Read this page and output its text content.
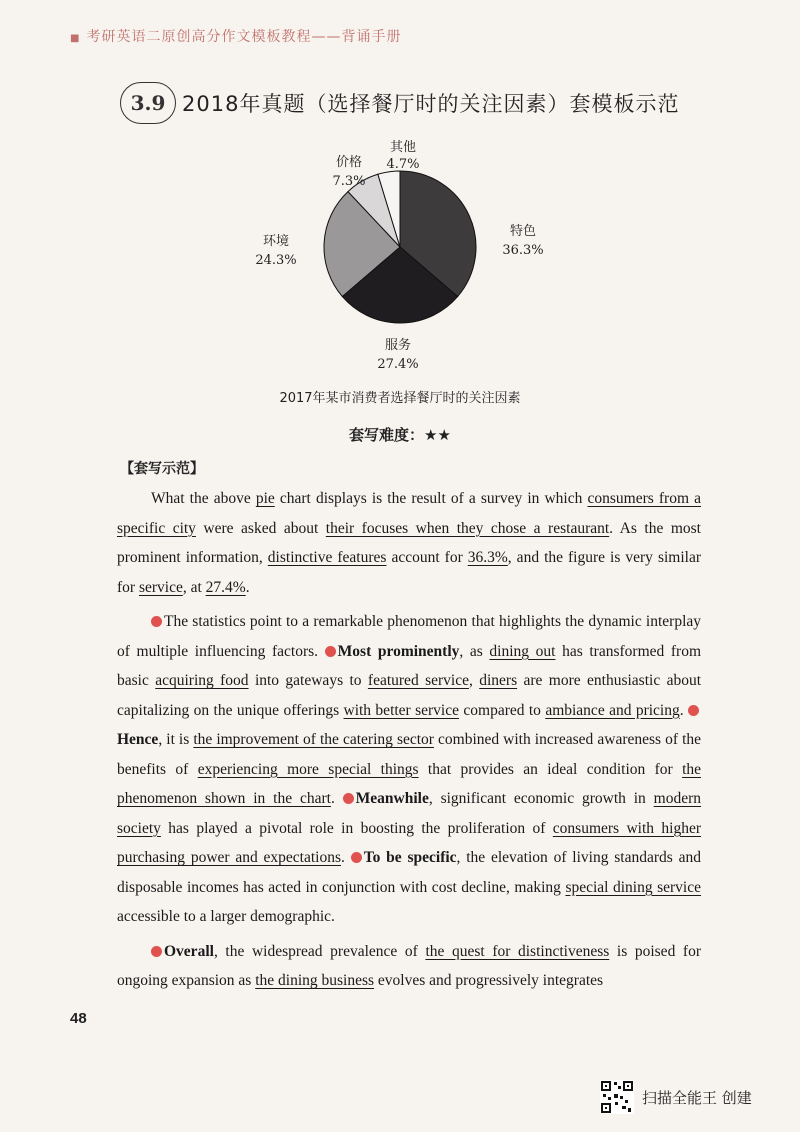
■ 考研英语二原创高分作文模板教程——背诵手册
3.9 2018年真题（选择餐厅时的关注因素）套模板示范
特色
36.3%
服务
27.4%
环境
24.3%
价格
7.3%
其他
4.7%
2017年某市消费者选择餐厅时的关注因素
套写难度：★★
【套写示范】

What the above pie chart displays is the result of a survey in which consumers from a specific city were asked about their focuses when they chose a restaurant. As the most prominent information, distinctive features account for 36.3%, and the figure is very similar for service, at 27.4%.

The statistics point to a remarkable phenomenon that highlights the dynamic interplay of multiple influencing factors. Most prominently, as dining out has transformed from basic acquiring food into gateways to featured service, diners are more enthusiastic about capitalizing on the unique offerings with better service compared to ambiance and pricing. Hence, it is the improvement of the catering sector combined with increased awareness of the benefits of experiencing more special things that provides an ideal condition for the phenomenon shown in the chart. Meanwhile, significant economic growth in modern society has played a pivotal role in boosting the proliferation of consumers with higher purchasing power and expectations. To be specific, the elevation of living standards and disposable incomes has acted in conjunction with cost decline, making special dining service accessible to a larger demographic.

Overall, the widespread prevalence of the quest for distinctiveness is poised for ongoing expansion as the dining business evolves and progressively integrates

48
扫描全能王 创建
